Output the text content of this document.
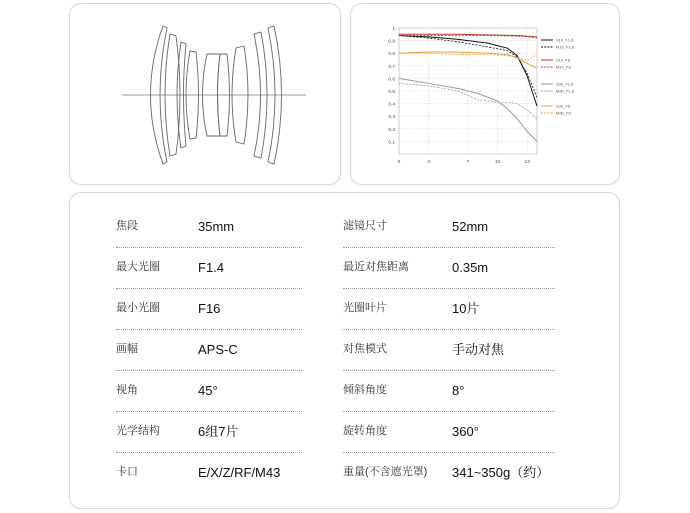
0.1
0.2
0.3
0.4
0.5
0.6
0.7
0.8
0.9
1
0	3	7	10	13
S10_F1.6
M10_F1.6
S10_F8
M10_F8
S30_F1.6
M30_F1.6
S30_F8
M30_F8
焦段	35mm	滤镜尺寸	52mm
最大光圈	F1.4	最近对焦距离	0.35m
最小光圈	F16	光圈叶片	10片
画幅	APS-C	对焦模式	手动对焦
视角	45°	倾斜角度	8°
光学结构	6组7片	旋转角度	360°
卡口	E/X/Z/RF/M43	重量(不含遮光罩) 341~350g（约）
